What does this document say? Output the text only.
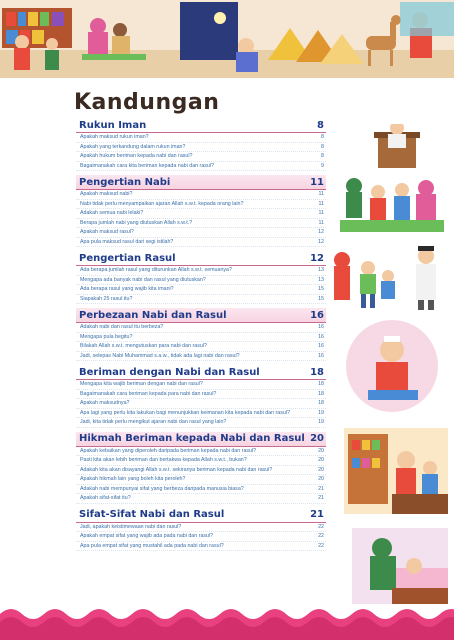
Kandungan
Rukun Iman	8
Apakah maksud rukun iman?	8
Apakah yang terkandung dalam rukun iman?	8
Apakah hukum beriman kepada nabi dan rasul?	8
Bagaimanakah cara kita beriman kepada nabi dan rasul?	9
Pengertian Nabi	11
Apakah maksud nabi?	11
Nabi tidak perlu menyampaikan ajaran Allah s.w.t. kepada orang lain?	11
Adakah semua nabi lelaki?	11
Berapa jumlah nabi yang diutuskan Allah s.w.t.?	11
Apakah maksud rasul?	12
Apa pula maksud rasul dari segi istilah?	12
Pengertian Rasul	12
Ada berapa jumlah rasul yang diturunkan Allah s.w.t. semuanya?	13
Mengapa ada banyak nabi dan rasul yang diutuskan?	13
Ada berapa rasul yang wajib kita imani?	15
Siapakah 25 rasul itu?	15
Perbezaan Nabi dan Rasul	16
Adakah nabi dan rasul itu berbeza?	16
Mengapa pula begitu?	16
Bilakah Allah s.w.t. mengutuskan para nabi dan rasul?	16
Jadi, selepas Nabi Muhammad s.a.w., tidak ada lagi nabi dan rasul?	16
Beriman dengan Nabi dan Rasul	18
Mengapa kita wajib beriman dengan nabi dan rasul?	18
Bagaimanakah cara beriman kepada para nabi dan rasul?	18
Apakah maksudnya?	18
Apa lagi yang perlu kita lakukan bagi menunjukkan keimanan kita kepada nabi dan rasul?	19
Jadi, kita tidak perlu mengikut ajaran nabi dan rasul yang lain?	19
Hikmah Beriman kepada Nabi dan Rasul 20
Apakah kebaikan yang diperoleh daripada beriman kepada nabi dan rasul?	20
Pasti kita akan lebih beriman dan bertakwa kepada Allah s.w.t., bukan?	20
Adakah kita akan disayangi Allah s.w.t. sekiranya beriman kepada nabi dan rasul?	20
Apakah hikmah lain yang boleh kita peroleh?	20
Adakah nabi mempunyai sifat yang berbeza daripada manusia biasa?	21
Apakah sifat-sifat itu?	21
Sifat-Sifat Nabi dan Rasul	21
Jadi, apakah keistimewaan nabi dan rasul?	22
Apakah empat sifat yang wajib ada pada nabi dan rasul?	22
Apa pula empat sifat yang mustahil ada pada nabi dan rasul?	22
